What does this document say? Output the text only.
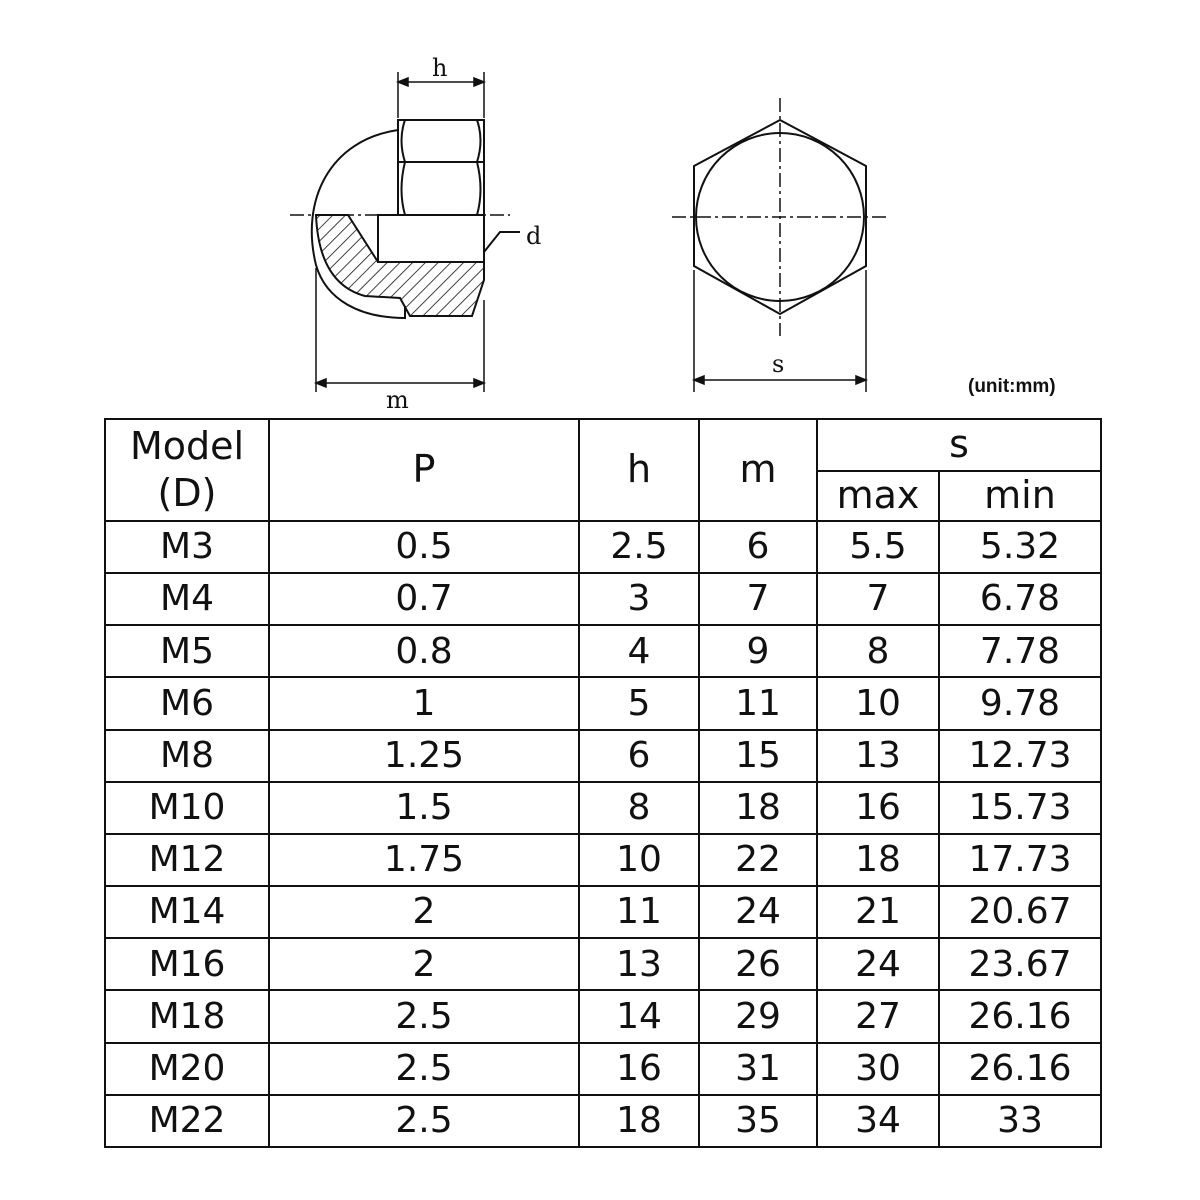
h
d
m
s
(unit:mm)
Model
(D)	P	h	m	s	
				max	min
M3	0.5	2.5	6	5.5	5.32
M4	0.7	3	7	7	6.78
M5	0.8	4	9	8	7.78
M6	1	5	11	10	9.78
M8	1.25	6	15	13	12.73
M10	1.5	8	18	16	15.73
M12	1.75	10	22	18	17.73
M14	2	11	24	21	20.67
M16	2	13	26	24	23.67
M18	2.5	14	29	27	26.16
M20	2.5	16	31	30	26.16
M22	2.5	18	35	34	33
